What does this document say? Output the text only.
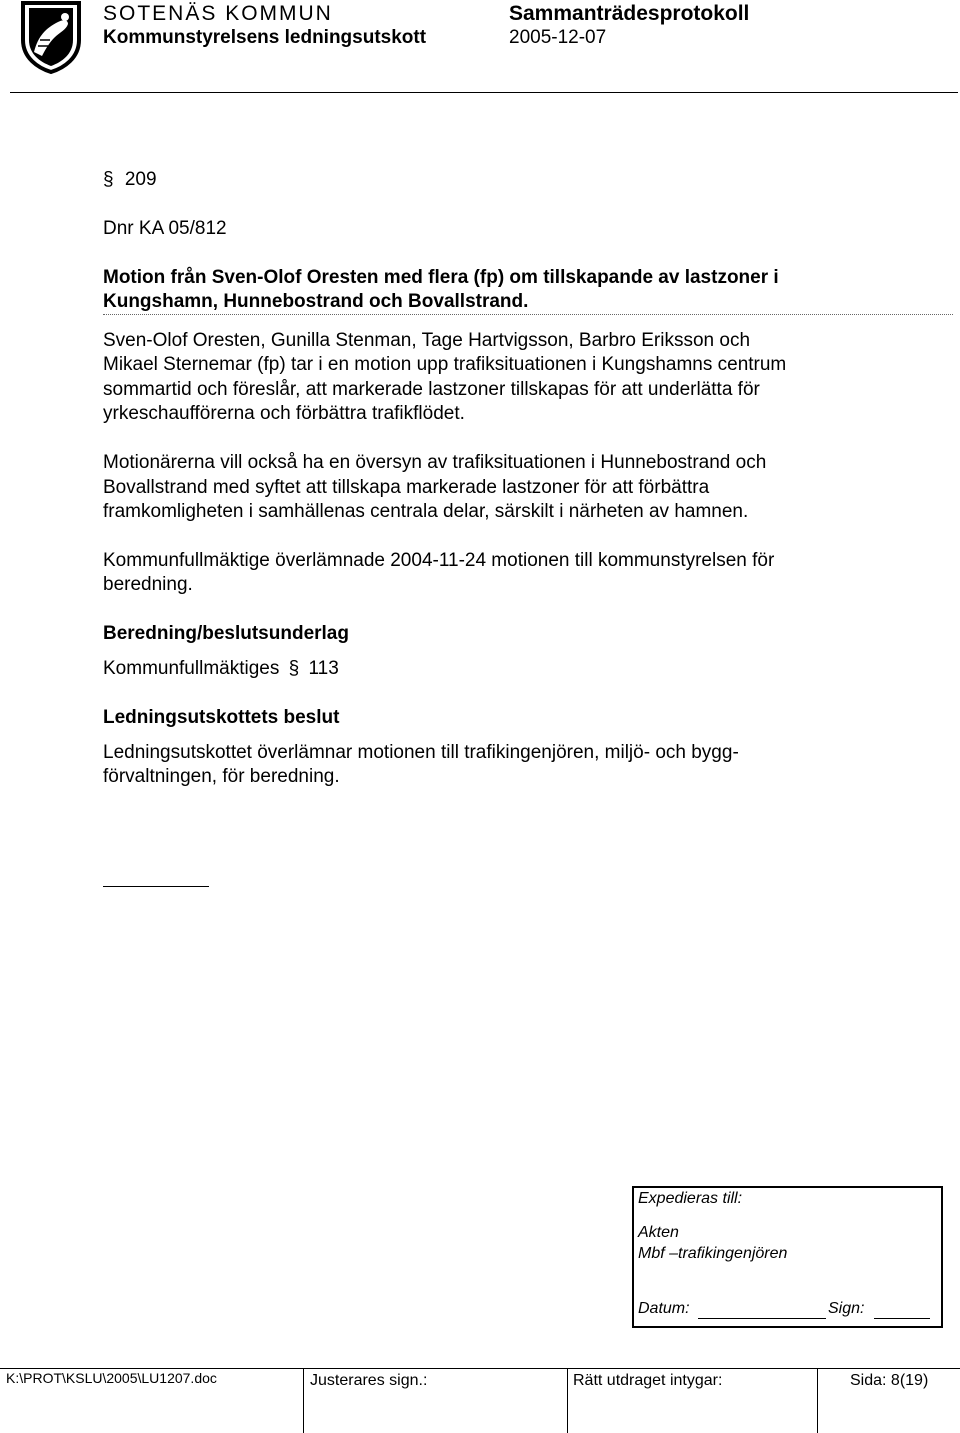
SOTENÄS KOMMUN
Kommunstyrelsens ledningsutskott
Sammanträdesprotokoll
2005-12-07
§ 209
Dnr KA 05/812
Motion från Sven-Olof Oresten med flera (fp) om tillskapande av lastzoner i
Kungshamn, Hunnebostrand och Bovallstrand.
Sven-Olof Oresten, Gunilla Stenman, Tage Hartvigsson, Barbro Eriksson och
Mikael Sternemar (fp) tar i en motion upp trafiksituationen i Kungshamns centrum
sommartid och föreslår, att markerade lastzoner tillskapas för att underlätta för
yrkeschaufförerna och förbättra trafikflödet.
Motionärerna vill också ha en översyn av trafiksituationen i Hunnebostrand och
Bovallstrand med syftet att tillskapa markerade lastzoner för att förbättra
framkomligheten i samhällenas centrala delar, särskilt i närheten av hamnen.
Kommunfullmäktige överlämnade 2004-11-24 motionen till kommunstyrelsen för
beredning.
Beredning/beslutsunderlag
Kommunfullmäktiges § 113
Ledningsutskottets beslut
Ledningsutskottet överlämnar motionen till trafikingenjören, miljö- och bygg-
förvaltningen, för beredning.
Expedieras till:
Akten
Mbf –trafikingenjören
Datum:	Sign:
K:\PROT\KSLU\2005\LU1207.doc	Justerares sign.:	Rätt utdraget intygar:	Sida: 8(19)
